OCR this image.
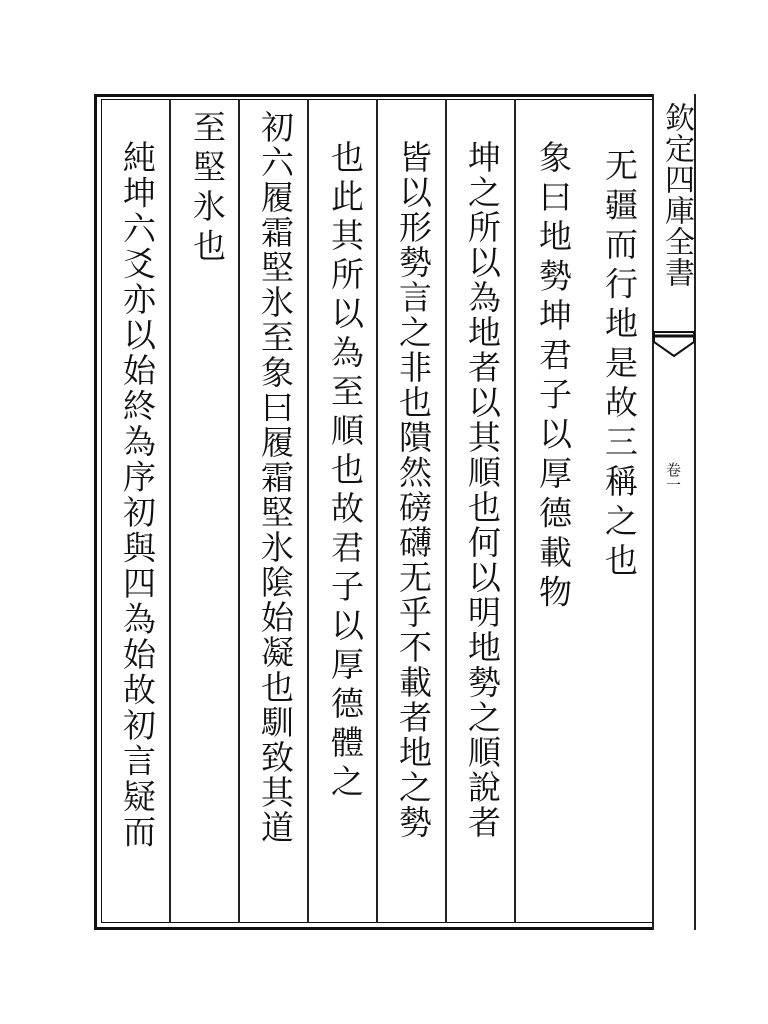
欽定四庫全書
卷一
无疆而行地是故三稱之也
象曰地勢坤君子以厚德載物
坤之所以為地者以其順也何以明地勢之順說者
皆以形勢言之非也隤然磅礴无乎不載者地之勢
也此其所以為至順也故君子以厚德體之
初六履霜堅氷至象曰履霜堅氷隂始凝也馴致其道
至堅氷也
純坤六爻亦以始終為序初與四為始故初言疑而
